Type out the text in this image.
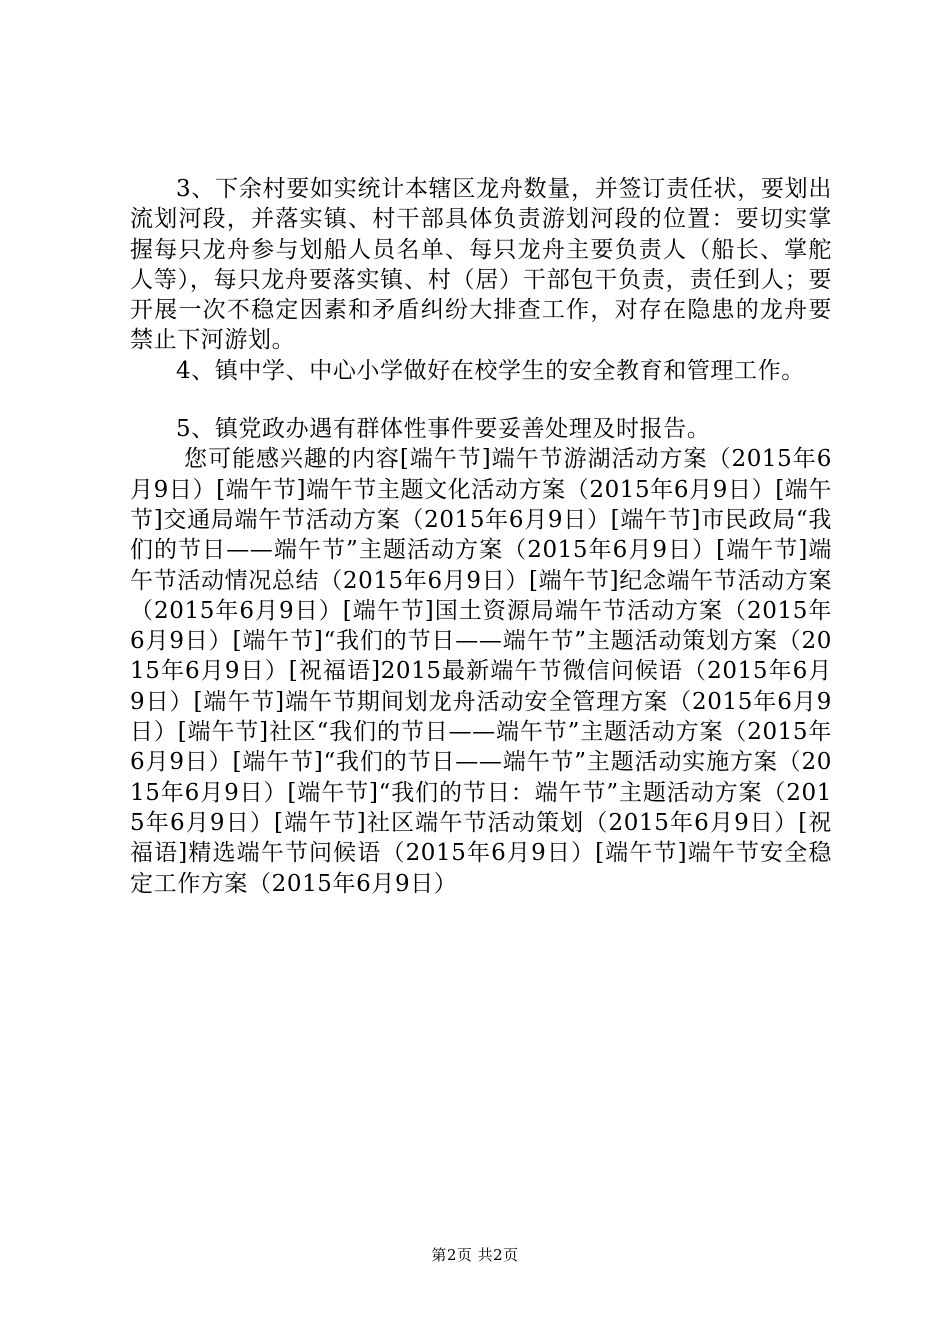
3、下余村要如实统计本辖区龙舟数量，并签订责任状，要划出流划河段，并落实镇、村干部具体负责游划河段的位置：要切实掌握每只龙舟参与划船人员名单、每只龙舟主要负责人（船长、掌舵人等），每只龙舟要落实镇、村（居）干部包干负责，责任到人；要开展一次不稳定因素和矛盾纠纷大排查工作，对存在隐患的龙舟要禁止下河游划。

4、镇中学、中心小学做好在校学生的安全教育和管理工作。

5、镇党政办遇有群体性事件要妥善处理及时报告。

您可能感兴趣的内容[端午节]端午节游湖活动方案（2015年6月9日）[端午节]端午节主题文化活动方案（2015年6月9日）[端午节]交通局端午节活动方案（2015年6月9日）[端午节]市民政局“我们的节日——端午节”主题活动方案（2015年6月9日）[端午节]端午节活动情况总结（2015年6月9日）[端午节]纪念端午节活动方案（2015年6月9日）[端午节]国土资源局端午节活动方案（2015年6月9日）[端午节]“我们的节日——端午节”主题活动策划方案（2015年6月9日）[祝福语]2015最新端午节微信问候语（2015年6月9日）[端午节]端午节期间划龙舟活动安全管理方案（2015年6月9日）[端午节]社区“我们的节日——端午节”主题活动方案（2015年6月9日）[端午节]“我们的节日——端午节”主题活动实施方案（2015年6月9日）[端午节]“我们的节日：端午节”主题活动方案（2015年6月9日）[端午节]社区端午节活动策划（2015年6月9日）[祝福语]精选端午节问候语（2015年6月9日）[端午节]端午节安全稳定工作方案（2015年6月9日）

第2页 共2页
